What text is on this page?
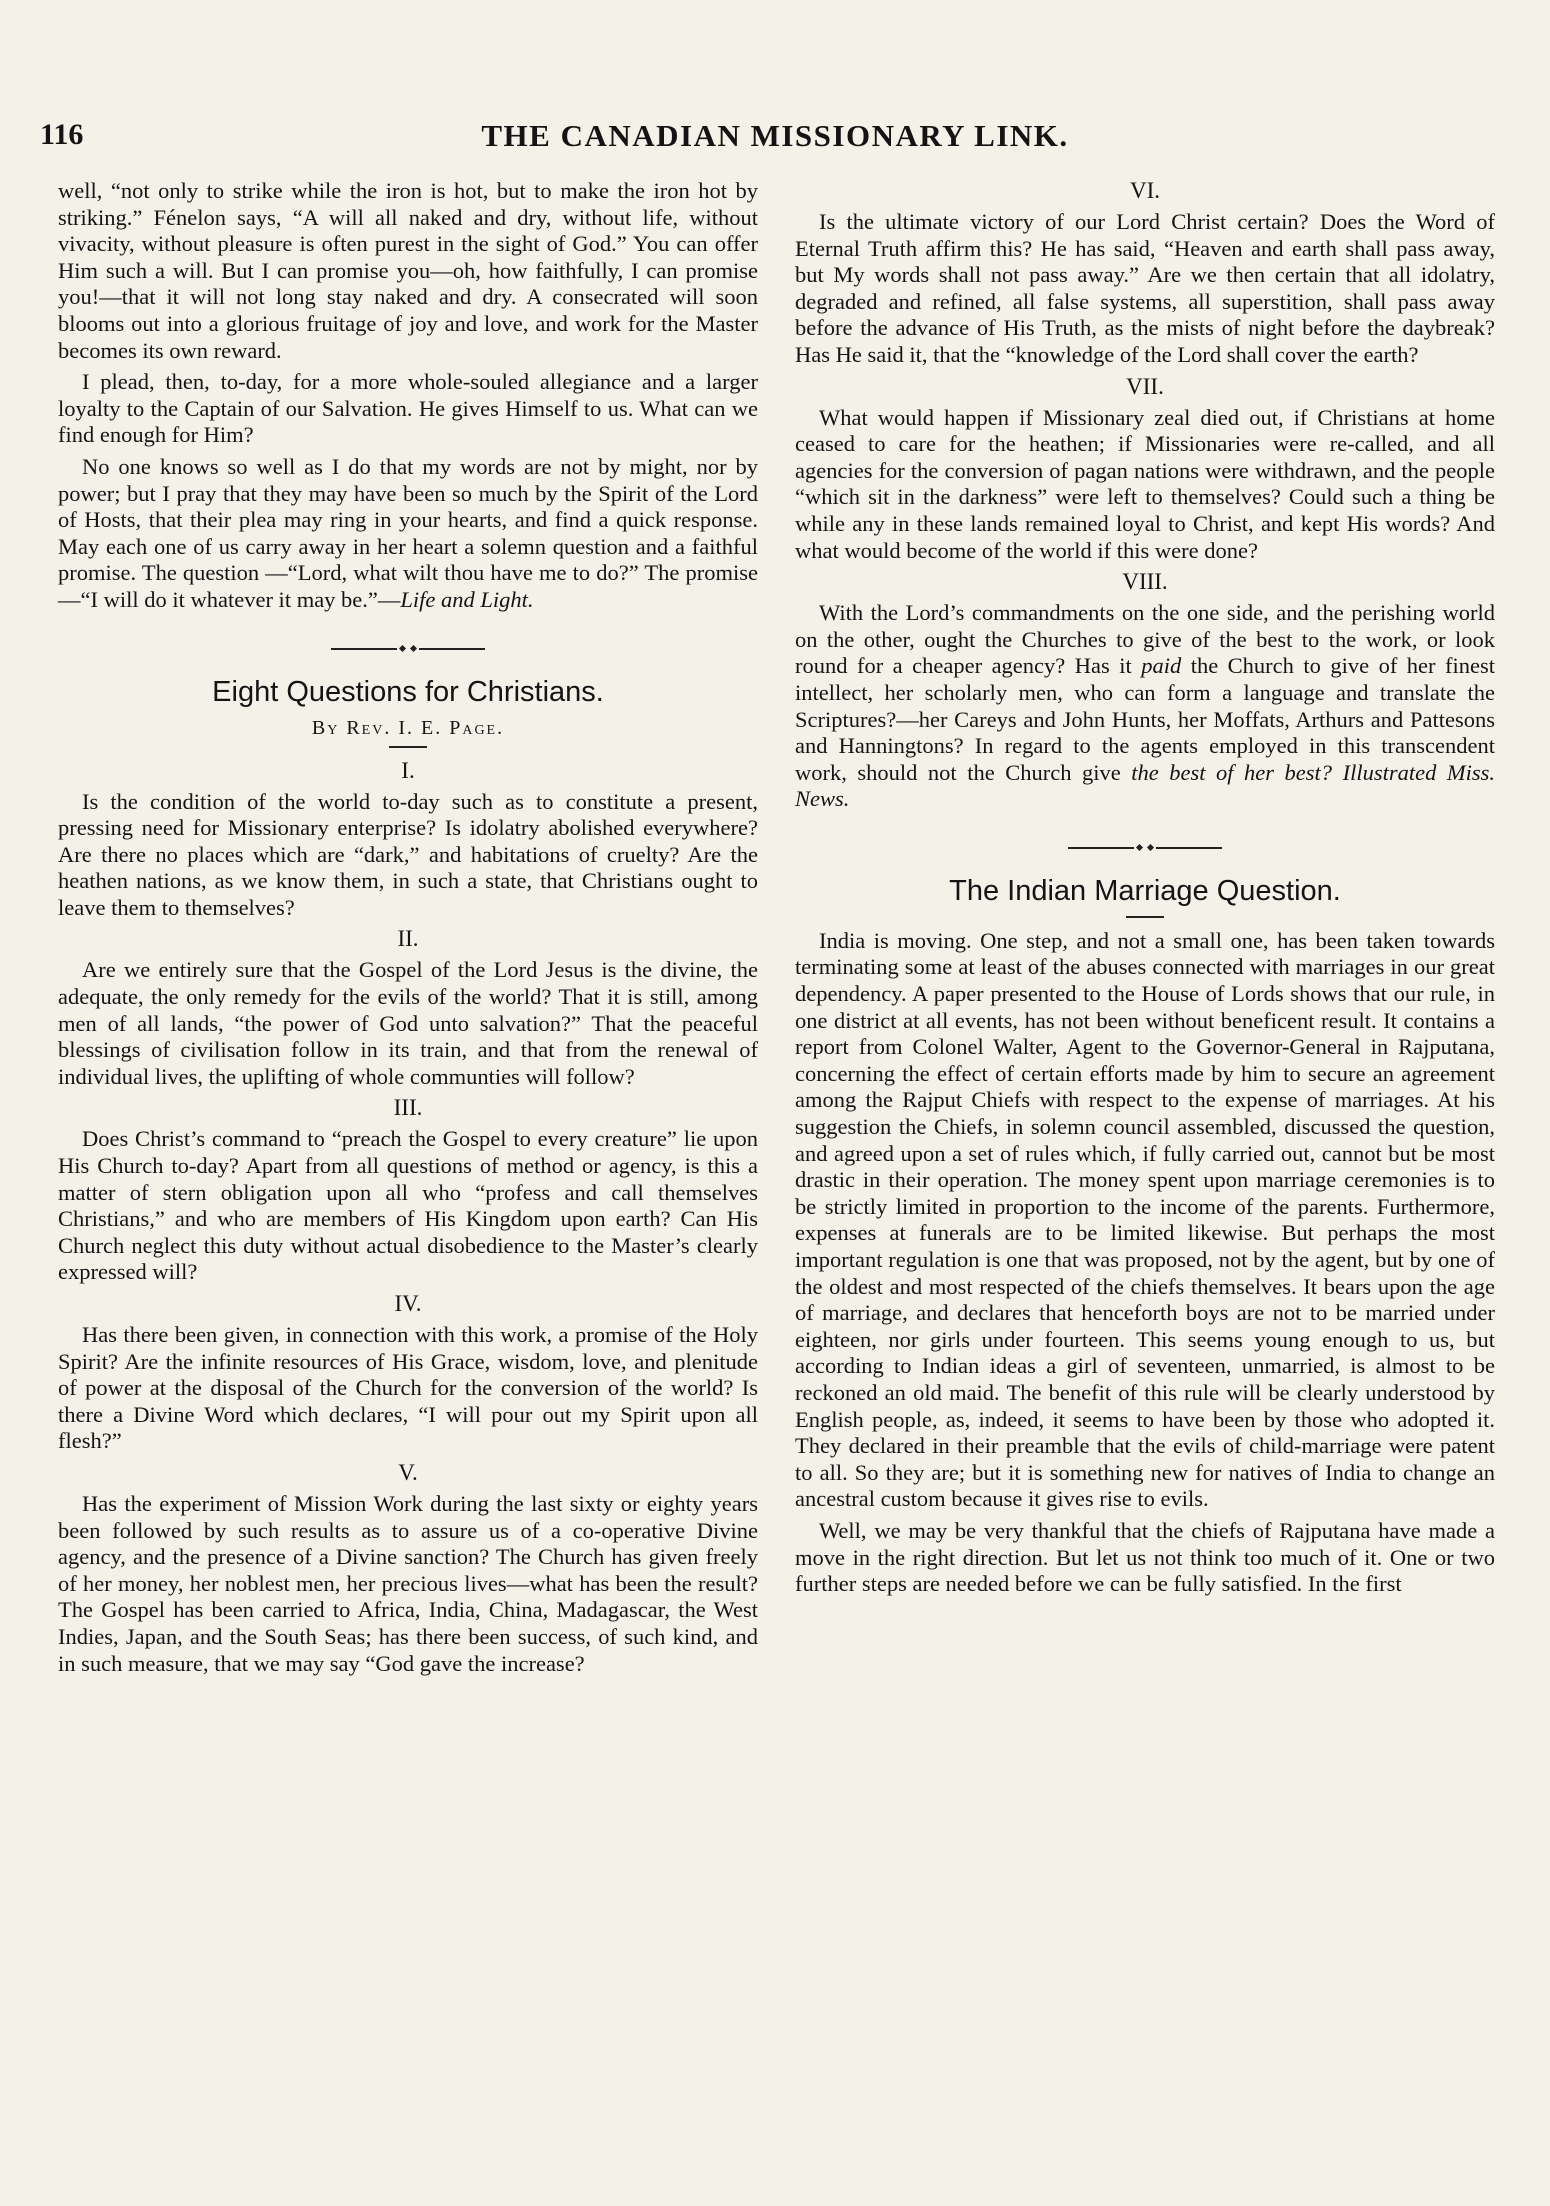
116	THE CANADIAN MISSIONARY LINK.

well, “not only to strike while the iron is hot, but to make the iron hot by striking.” Fénelon says, “A will all naked and dry, without life, without vivacity, without pleasure is often purest in the sight of God.” You can offer Him such a will. But I can promise you—oh, how faithfully, I can promise you!—that it will not long stay naked and dry. A consecrated will soon blooms out into a glorious fruitage of joy and love, and work for the Master becomes its own reward.

I plead, then, to-day, for a more whole-souled allegiance and a larger loyalty to the Captain of our Salvation. He gives Himself to us. What can we find enough for Him?

No one knows so well as I do that my words are not by might, nor by power; but I pray that they may have been so much by the Spirit of the Lord of Hosts, that their plea may ring in your hearts, and find a quick response. May each one of us carry away in her heart a solemn question and a faithful promise. The question —“Lord, what wilt thou have me to do?” The promise —“I will do it whatever it may be.”—Life and Light.

Eight Questions for Christians.
By Rev. I. E. Page.
I.

Is the condition of the world to-day such as to constitute a present, pressing need for Missionary enterprise? Is idolatry abolished everywhere? Are there no places which are “dark,” and habitations of cruelty? Are the heathen nations, as we know them, in such a state, that Christians ought to leave them to themselves?

II.

Are we entirely sure that the Gospel of the Lord Jesus is the divine, the adequate, the only remedy for the evils of the world? That it is still, among men of all lands, “the power of God unto salvation?” That the peaceful blessings of civilisation follow in its train, and that from the renewal of individual lives, the uplifting of whole communties will follow?

III.

Does Christ’s command to “preach the Gospel to every creature” lie upon His Church to-day? Apart from all questions of method or agency, is this a matter of stern obligation upon all who “profess and call themselves Christians,” and who are members of His Kingdom upon earth? Can His Church neglect this duty without actual disobedience to the Master’s clearly expressed will?

IV.

Has there been given, in connection with this work, a promise of the Holy Spirit? Are the infinite resources of His Grace, wisdom, love, and plenitude of power at the disposal of the Church for the conversion of the world? Is there a Divine Word which declares, “I will pour out my Spirit upon all flesh?”

V.

Has the experiment of Mission Work during the last sixty or eighty years been followed by such results as to assure us of a co-operative Divine agency, and the presence of a Divine sanction? The Church has given freely of her money, her noblest men, her precious lives—what has been the result? The Gospel has been carried to Africa, India, China, Madagascar, the West Indies, Japan, and the South Seas; has there been success, of such kind, and in such measure, that we may say “God gave the increase?

VI.

Is the ultimate victory of our Lord Christ certain? Does the Word of Eternal Truth affirm this? He has said, “Heaven and earth shall pass away, but My words shall not pass away.” Are we then certain that all idolatry, degraded and refined, all false systems, all superstition, shall pass away before the advance of His Truth, as the mists of night before the daybreak? Has He said it, that the “knowledge of the Lord shall cover the earth?

VII.

What would happen if Missionary zeal died out, if Christians at home ceased to care for the heathen; if Missionaries were re-called, and all agencies for the conversion of pagan nations were withdrawn, and the people “which sit in the darkness” were left to themselves? Could such a thing be while any in these lands remained loyal to Christ, and kept His words? And what would become of the world if this were done?

VIII.

With the Lord’s commandments on the one side, and the perishing world on the other, ought the Churches to give of the best to the work, or look round for a cheaper agency? Has it paid the Church to give of her finest intellect, her scholarly men, who can form a language and translate the Scriptures?—her Careys and John Hunts, her Moffats, Arthurs and Pattesons and Hanningtons? In regard to the agents employed in this transcendent work, should not the Church give the best of her best? Illustrated Miss. News.

The Indian Marriage Question.

India is moving. One step, and not a small one, has been taken towards terminating some at least of the abuses connected with marriages in our great dependency. A paper presented to the House of Lords shows that our rule, in one district at all events, has not been without beneficent result. It contains a report from Colonel Walter, Agent to the Governor-General in Rajputana, concerning the effect of certain efforts made by him to secure an agreement among the Rajput Chiefs with respect to the expense of marriages. At his suggestion the Chiefs, in solemn council assembled, discussed the question, and agreed upon a set of rules which, if fully carried out, cannot but be most drastic in their operation. The money spent upon marriage ceremonies is to be strictly limited in proportion to the income of the parents. Furthermore, expenses at funerals are to be limited likewise. But perhaps the most important regulation is one that was proposed, not by the agent, but by one of the oldest and most respected of the chiefs themselves. It bears upon the age of marriage, and declares that henceforth boys are not to be married under eighteen, nor girls under fourteen. This seems young enough to us, but according to Indian ideas a girl of seventeen, unmarried, is almost to be reckoned an old maid. The benefit of this rule will be clearly understood by English people, as, indeed, it seems to have been by those who adopted it. They declared in their preamble that the evils of child-marriage were patent to all. So they are; but it is something new for natives of India to change an ancestral custom because it gives rise to evils.

Well, we may be very thankful that the chiefs of Rajputana have made a move in the right direction. But let us not think too much of it. One or two further steps are needed before we can be fully satisfied. In the first
